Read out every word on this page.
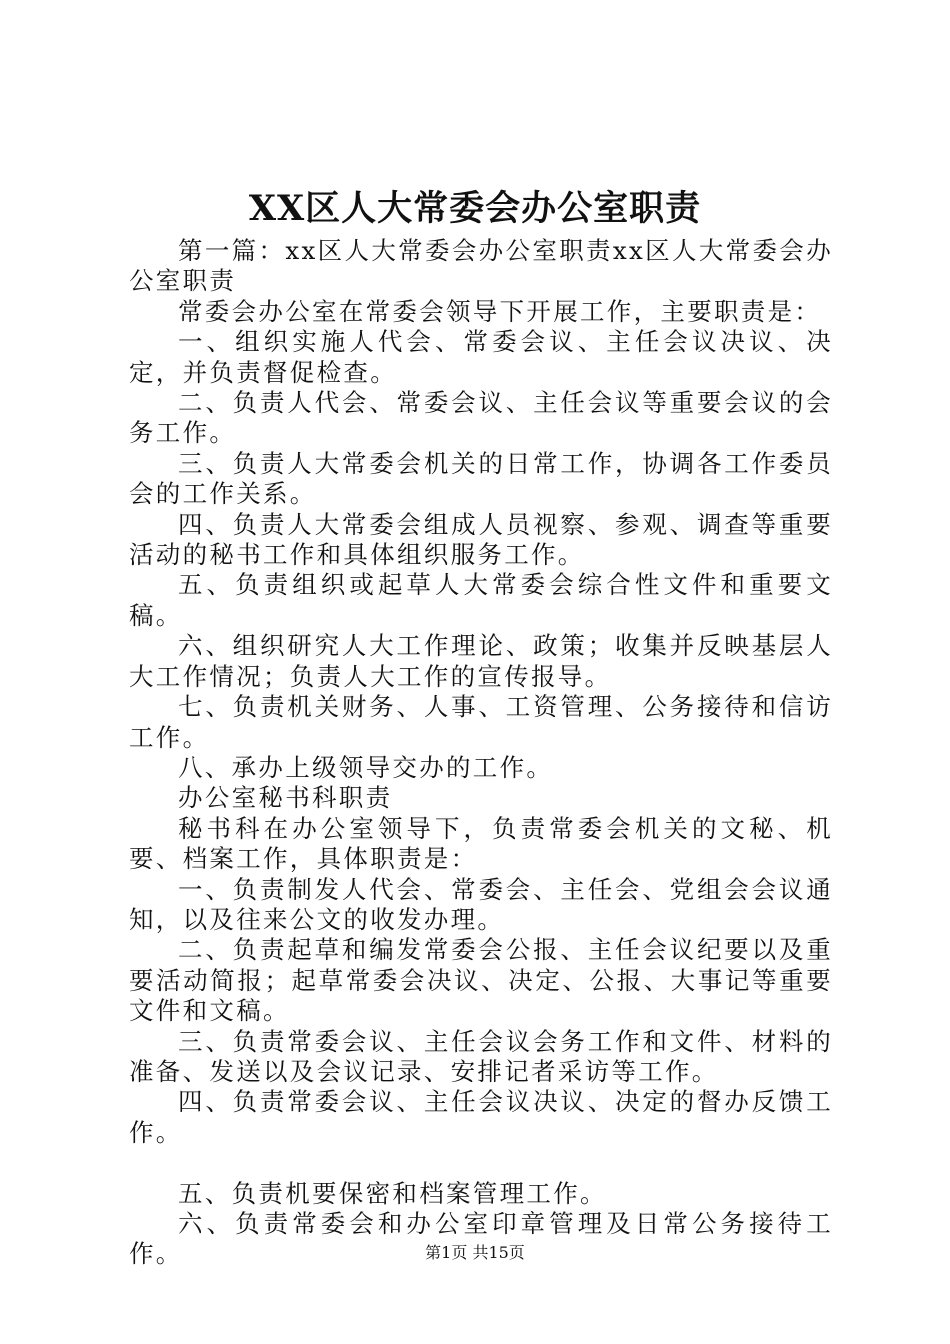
XX区人大常委会办公室职责

第一篇：xx区人大常委会办公室职责xx区人大常委会办公室职责

常委会办公室在常委会领导下开展工作，主要职责是：

一、组织实施人代会、常委会议、主任会议决议、决定，并负责督促检查。

二、负责人代会、常委会议、主任会议等重要会议的会务工作。

三、负责人大常委会机关的日常工作，协调各工作委员会的工作关系。

四、负责人大常委会组成人员视察、参观、调查等重要活动的秘书工作和具体组织服务工作。

五、负责组织或起草人大常委会综合性文件和重要文稿。

六、组织研究人大工作理论、政策；收集并反映基层人大工作情况；负责人大工作的宣传报导。

七、负责机关财务、人事、工资管理、公务接待和信访工作。

八、承办上级领导交办的工作。

办公室秘书科职责

秘书科在办公室领导下，负责常委会机关的文秘、机要、档案工作，具体职责是：

一、负责制发人代会、常委会、主任会、党组会会议通知，以及往来公文的收发办理。

二、负责起草和编发常委会公报、主任会议纪要以及重要活动简报；起草常委会决议、决定、公报、大事记等重要文件和文稿。

三、负责常委会议、主任会议会务工作和文件、材料的准备、发送以及会议记录、安排记者采访等工作。

四、负责常委会议、主任会议决议、决定的督办反馈工作。

五、负责机要保密和档案管理工作。

六、负责常委会和办公室印章管理及日常公务接待工作。	第1页 共15页
